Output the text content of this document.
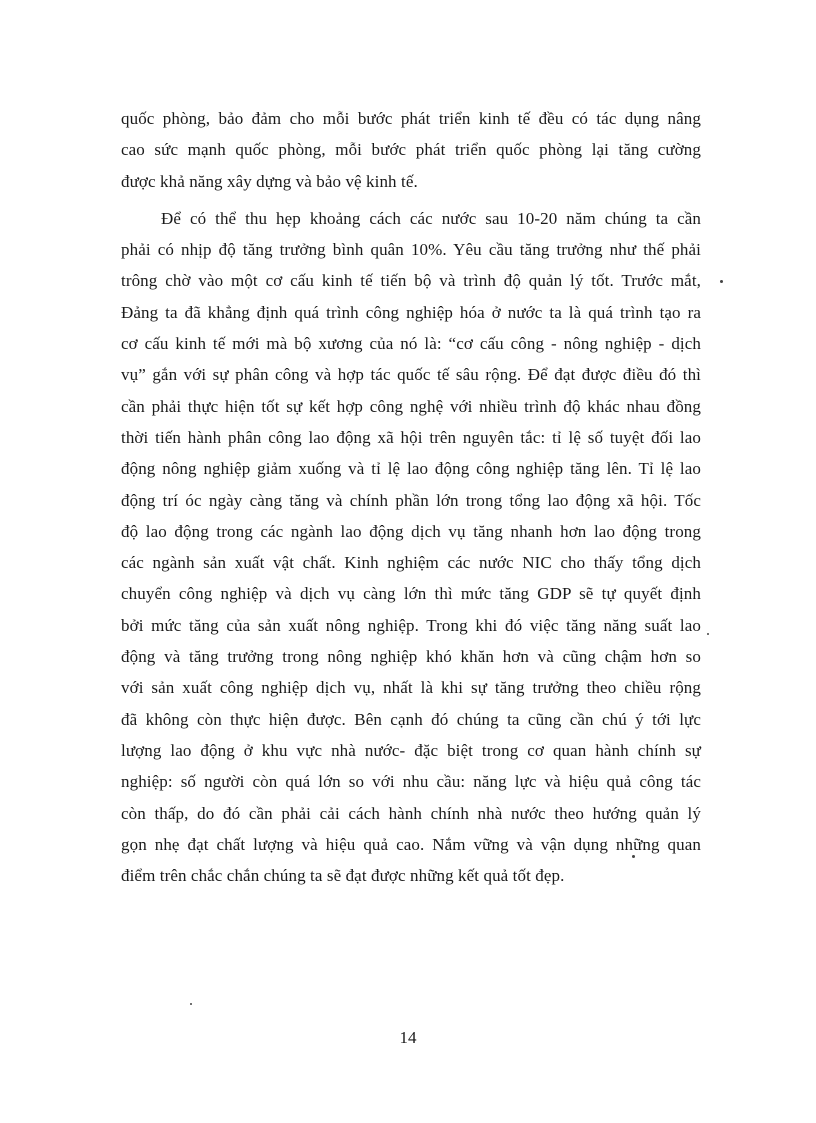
quốc phòng, bảo đảm cho mỗi bước phát triển kinh tế đều có tác dụng nâng
cao sức mạnh quốc phòng, mỗi bước phát triển quốc phòng lại tăng cường
được khả năng xây dựng và bảo vệ kinh tế.
Để có thể thu hẹp khoảng cách các nước sau 10-20 năm chúng ta cần
phải có nhịp độ tăng trưởng bình quân 10%. Yêu cầu tăng trưởng như thế phải
trông chờ vào một cơ cấu kinh tế tiến bộ và trình độ quản lý tốt. Trước mắt,
Đảng ta đã khẳng định quá trình công nghiệp hóa ở nước ta là quá trình tạo ra
cơ cấu kinh tế mới mà bộ xương của nó là: “cơ cấu công - nông nghiệp - dịch
vụ” gắn với sự phân công và hợp tác quốc tế sâu rộng. Để đạt được điều đó thì
cần phải thực hiện tốt sự kết hợp công nghệ với nhiều trình độ khác nhau đồng
thời tiến hành phân công lao động xã hội trên nguyên tắc: tỉ lệ số tuyệt đối lao
động nông nghiệp giảm xuống và tỉ lệ lao động công nghiệp tăng lên. Tỉ lệ lao
động trí óc ngày càng tăng và chính phần lớn trong tổng lao động xã hội. Tốc
độ lao động trong các ngành lao động dịch vụ tăng nhanh hơn lao động trong
các ngành sản xuất vật chất. Kinh nghiệm các nước NIC cho thấy tổng dịch
chuyển công nghiệp và dịch vụ càng lớn thì mức tăng GDP sẽ tự quyết định
bởi mức tăng của sản xuất nông nghiệp. Trong khi đó việc tăng năng suất lao
động và tăng trưởng trong nông nghiệp khó khăn hơn và cũng chậm hơn so
với sản xuất công nghiệp dịch vụ, nhất là khi sự tăng trưởng theo chiều rộng
đã không còn thực hiện được. Bên cạnh đó chúng ta cũng cần chú ý tới lực
lượng lao động ở khu vực nhà nước- đặc biệt trong cơ quan hành chính sự
nghiệp: số người còn quá lớn so với nhu cầu: năng lực và hiệu quả công tác
còn thấp, do đó cần phải cải cách hành chính nhà nước theo hướng quản lý
gọn nhẹ đạt chất lượng và hiệu quả cao. Nắm vững và vận dụng những quan
điểm trên chắc chắn chúng ta sẽ đạt được những kết quả tốt đẹp.
14
